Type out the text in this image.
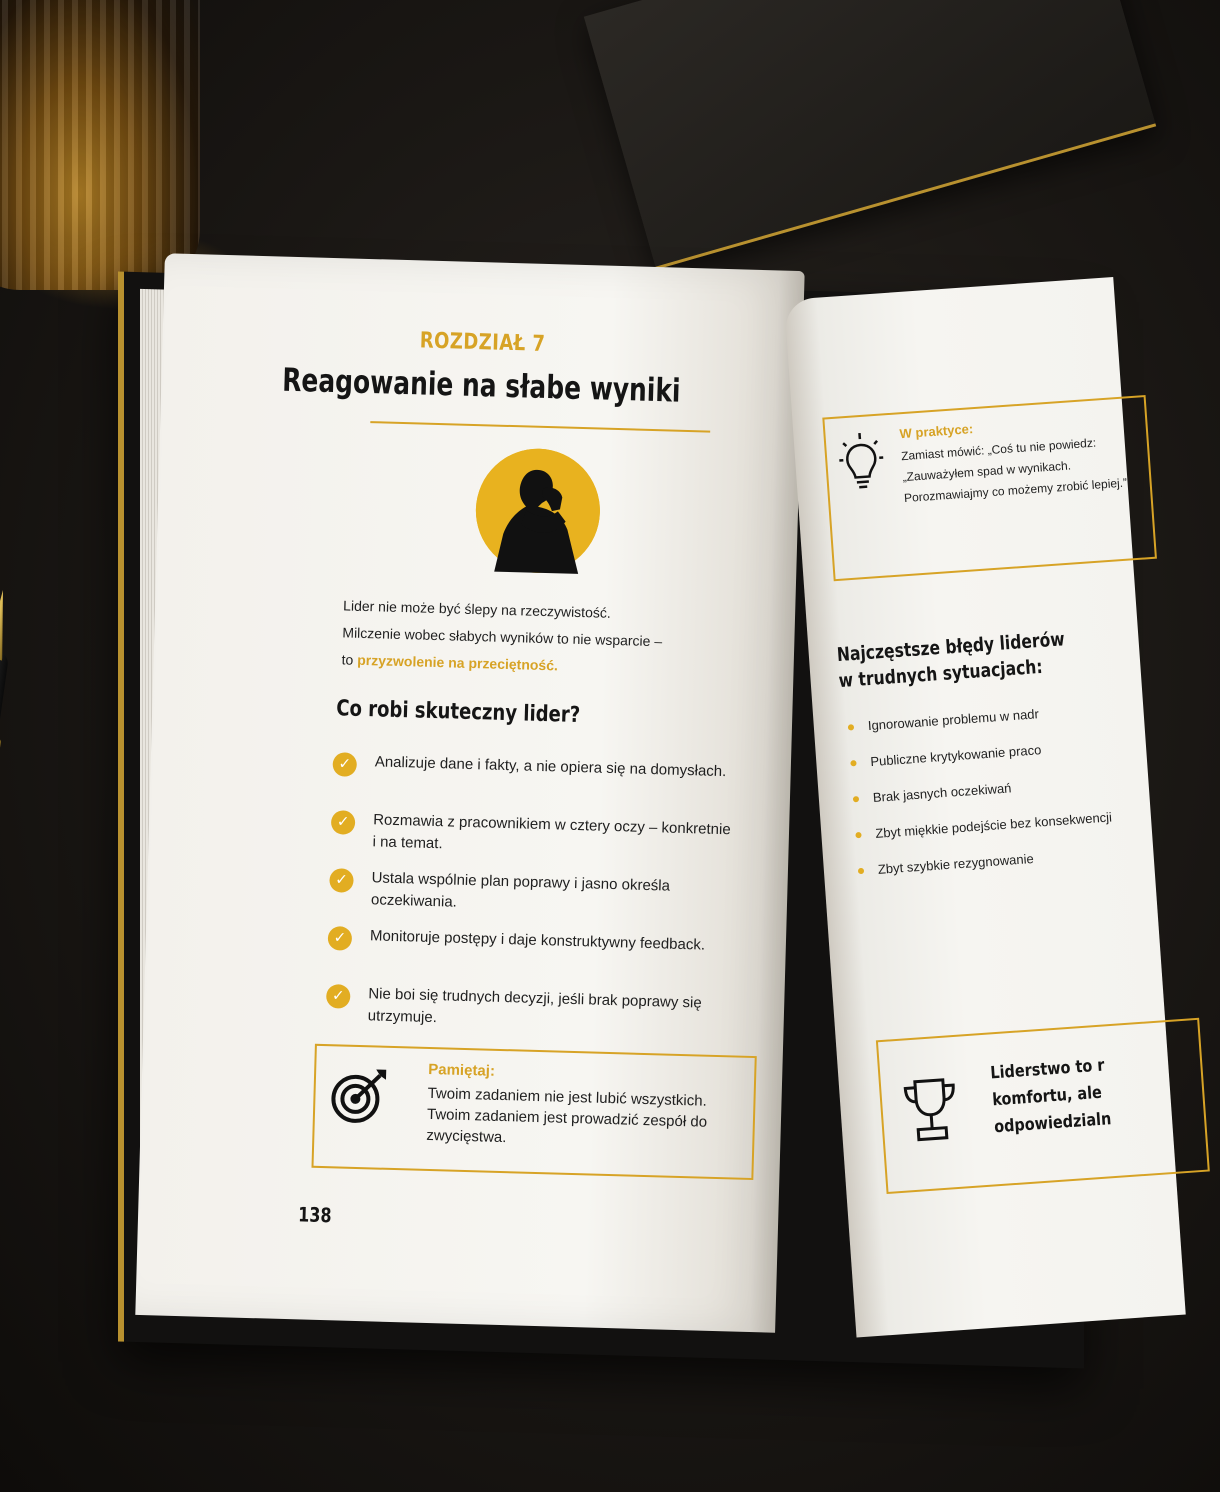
ROZDZIAŁ 7
Reagowanie na słabe wyniki
Lider nie może być ślepy na rzeczywistość.
Milczenie wobec słabych wyników to nie wsparcie –
to przyzwolenie na przeciętność.
Co robi skuteczny lider?
✓	Analizuje dane i fakty, a nie opiera się na domysłach.
✓	Rozmawia z pracownikiem w cztery oczy – konkretnie i na temat.
✓	Ustala wspólnie plan poprawy i jasno określa oczekiwania.
✓	Monitoruje postępy i daje konstruktywny feedback.
✓	Nie boi się trudnych decyzji, jeśli brak poprawy się utrzymuje.
Pamiętaj:
Twoim zadaniem nie jest lubić wszystkich. Twoim zadaniem jest prowadzić zespół do zwycięstwa.
138
W praktyce:
Zamiast mówić: „Coś tu nie powiedz: „Zauważyłem spad w wynikach. Porozmawiajmy co możemy zrobić lepiej.”
Najczęstsze błędy liderów
w trudnych sytuacjach:
Ignorowanie problemu w nadr
Publiczne krytykowanie praco
Brak jasnych oczekiwań
Zbyt miękkie podejście bez konsekwencji
Zbyt szybkie rezygnowanie
Liderstwo to r
komfortu, ale
odpowiedzialn
